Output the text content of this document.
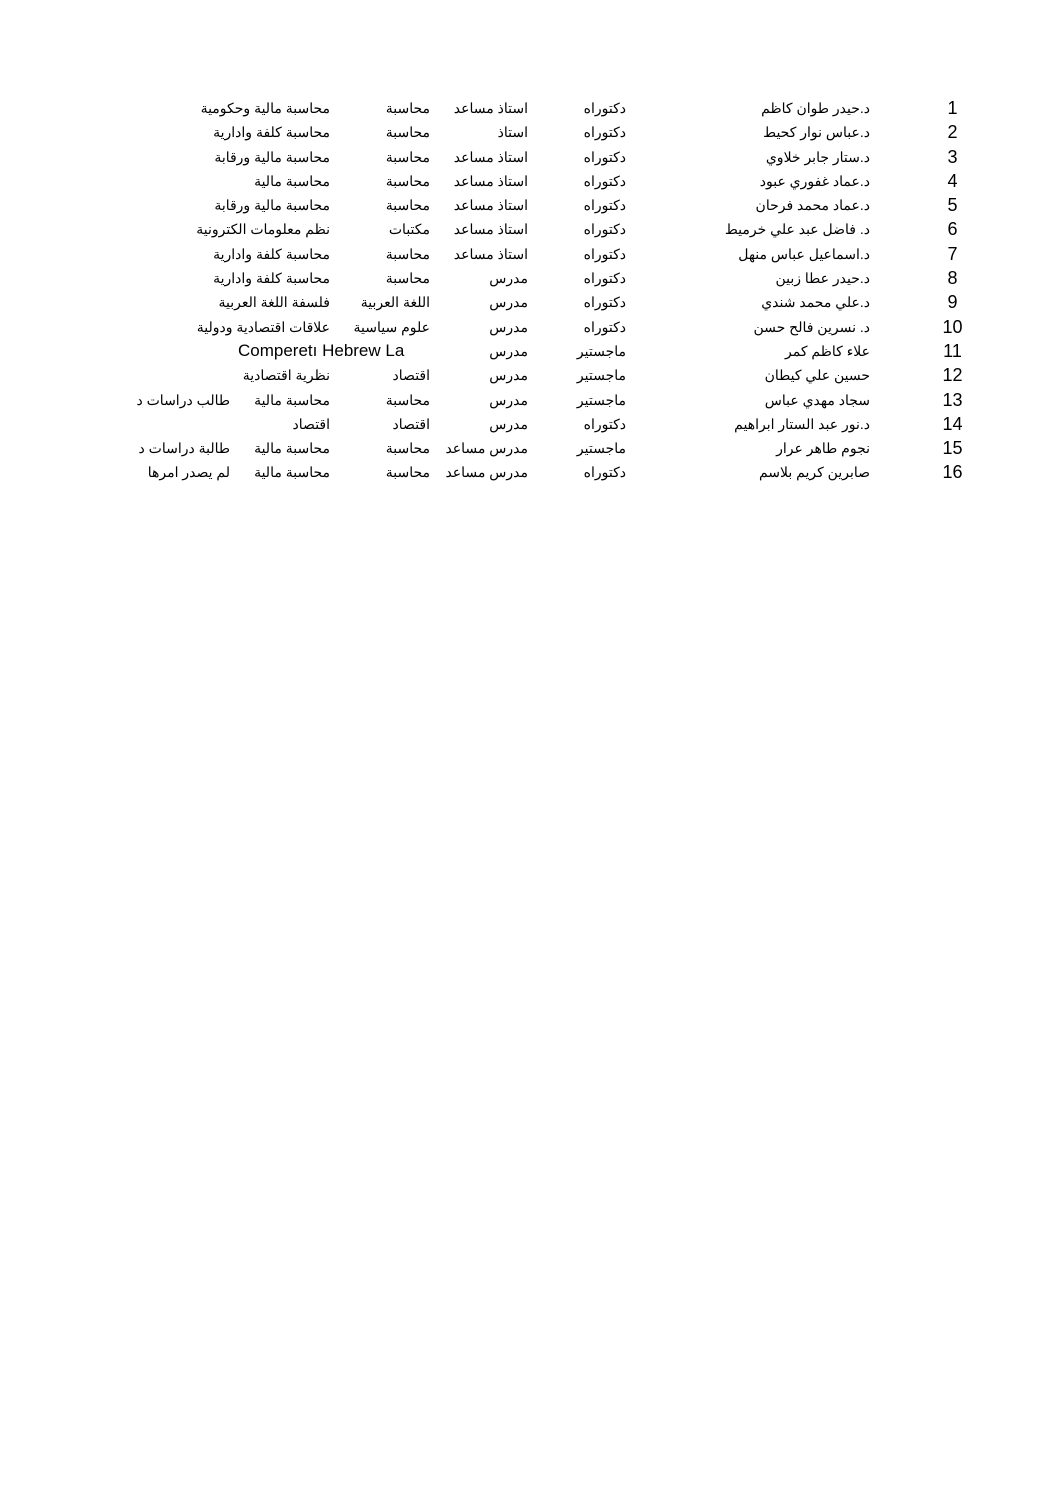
1
د.حيدر طوان كاظم
دكتوراه
استاذ مساعد
محاسبة
محاسبة مالية وحكومية
2
د.عباس نوار كحيط
دكتوراه
استاذ
محاسبة
محاسبة كلفة وادارية
3
د.ستار جابر خلاوي
دكتوراه
استاذ مساعد
محاسبة
محاسبة مالية ورقابة
4
د.عماد غفوري عبود
دكتوراه
استاذ مساعد
محاسبة
محاسبة مالية
5
د.عماد محمد فرحان
دكتوراه
استاذ مساعد
محاسبة
محاسبة مالية ورقابة
6
د. فاضل عبد علي خرميط
دكتوراه
استاذ مساعد
مكتبات
نظم معلومات الكترونية
7
د.اسماعيل عباس منهل
دكتوراه
استاذ مساعد
محاسبة
محاسبة كلفة وادارية
8
د.حيدر عطا زبين
دكتوراه
مدرس
محاسبة
محاسبة كلفة وادارية
9
د.علي محمد شندي
دكتوراه
مدرس
اللغة العربية
فلسفة اللغة العربية
10
د. نسرين فالح حسن
دكتوراه
مدرس
علوم سياسية
علاقات اقتصادية ودولية
11
علاء كاظم كمر
ماجستير
مدرس
Comperetı Hebrew La
12
حسين علي كيطان
ماجستير
مدرس
اقتصاد
نظرية اقتصادية
13
سجاد مهدي عباس
ماجستير
مدرس
محاسبة
محاسبة مالية
طالب دراسات د
14
د.نور عبد الستار ابراهيم
دكتوراه
مدرس
اقتصاد
اقتصاد
15
نجوم طاهر عرار
ماجستير
مدرس مساعد
محاسبة
محاسبة مالية
طالبة دراسات د
16
صابرين كريم بلاسم
دكتوراه
مدرس مساعد
محاسبة
محاسبة مالية
لم يصدر امرها
